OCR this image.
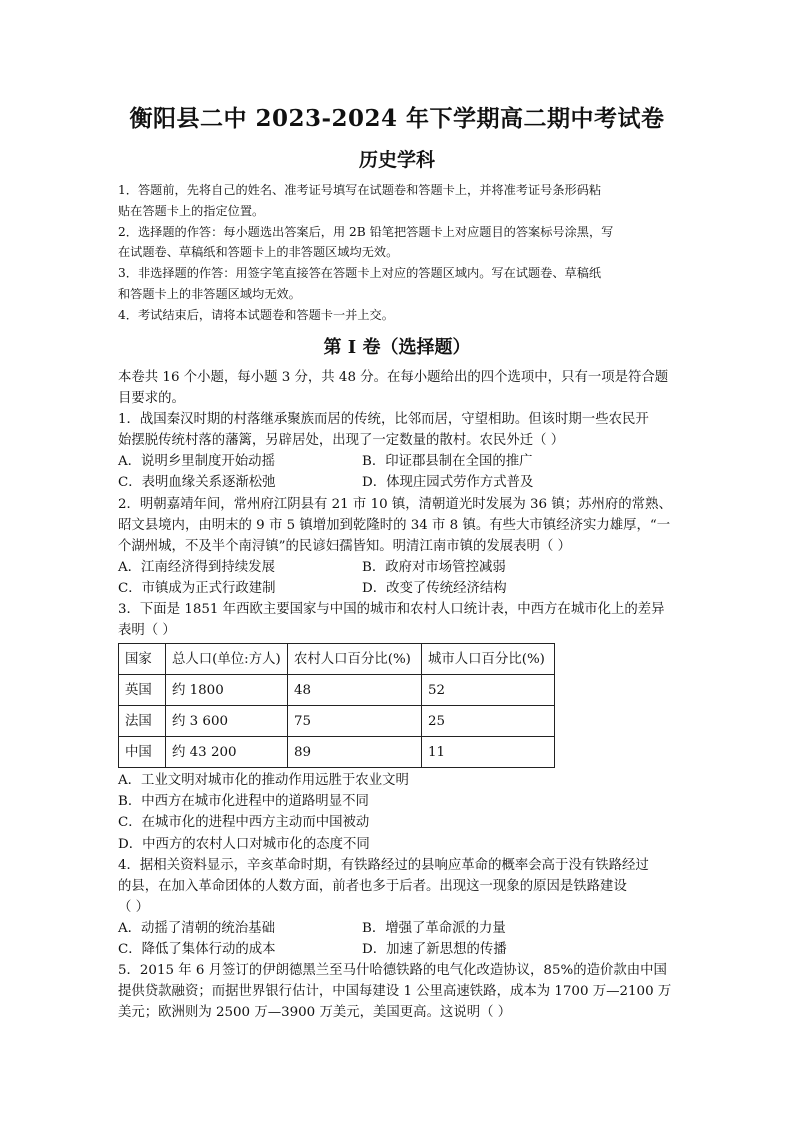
衡阳县二中 2023-2024 年下学期高二期中考试卷
历史学科

1．答题前，先将自己的姓名、准考证号填写在试题卷和答题卡上，并将准考证号条形码粘

贴在答题卡上的指定位置。

2．选择题的作答：每小题选出答案后，用 2B 铅笔把答题卡上对应题目的答案标号涂黑，写

在试题卷、草稿纸和答题卡上的非答题区域均无效。

3．非选择题的作答：用签字笔直接答在答题卡上对应的答题区域内。写在试题卷、草稿纸

和答题卡上的非答题区域均无效。

4．考试结束后，请将本试题卷和答题卡一并上交。

第 I 卷（选择题）

本卷共 16 个小题，每小题 3 分，共 48 分。在每小题给出的四个选项中，只有一项是符合题

目要求的。

1．战国秦汉时期的村落继承聚族而居的传统，比邻而居，守望相助。但该时期一些农民开

始摆脱传统村落的藩篱，另辟居处，出现了一定数量的散村。农民外迁（ ）

A．说明乡里制度开始动摇	B．印证郡县制在全国的推广
C．表明血缘关系逐渐松弛	D．体现庄园式劳作方式普及

2．明朝嘉靖年间，常州府江阴县有 21 市 10 镇，清朝道光时发展为 36 镇；苏州府的常熟、

昭文县境内，由明末的 9 市 5 镇增加到乾隆时的 34 市 8 镇。有些大市镇经济实力雄厚，“一

个湖州城，不及半个南浔镇”的民谚妇孺皆知。明清江南市镇的发展表明（ ）

A．江南经济得到持续发展	B．政府对市场管控减弱
C．市镇成为正式行政建制	D．改变了传统经济结构

3．下面是 1851 年西欧主要国家与中国的城市和农村人口统计表，中西方在城市化上的差异

表明（ ）

国家	总人口(单位:方人)	农村人口百分比(%)	城市人口百分比(%)
英国	约 1800	48	52
法国	约 3 600	75	25
中国	约 43 200	89	11

A．工业文明对城市化的推动作用远胜于农业文明

B．中西方在城市化进程中的道路明显不同

C．在城市化的进程中西方主动而中国被动

D．中西方的农村人口对城市化的态度不同

4．据相关资料显示，辛亥革命时期，有铁路经过的县响应革命的概率会高于没有铁路经过

的县，在加入革命团体的人数方面，前者也多于后者。出现这一现象的原因是铁路建设

（ ）

A．动摇了清朝的统治基础	B．增强了革命派的力量
C．降低了集体行动的成本	D．加速了新思想的传播

5．2015 年 6 月签订的伊朗德黑兰至马什哈德铁路的电气化改造协议，85%的造价款由中国

提供贷款融资；而据世界银行估计，中国每建设 1 公里高速铁路，成本为 1700 万—2100 万

美元；欧洲则为 2500 万—3900 万美元，美国更高。这说明（ ）
